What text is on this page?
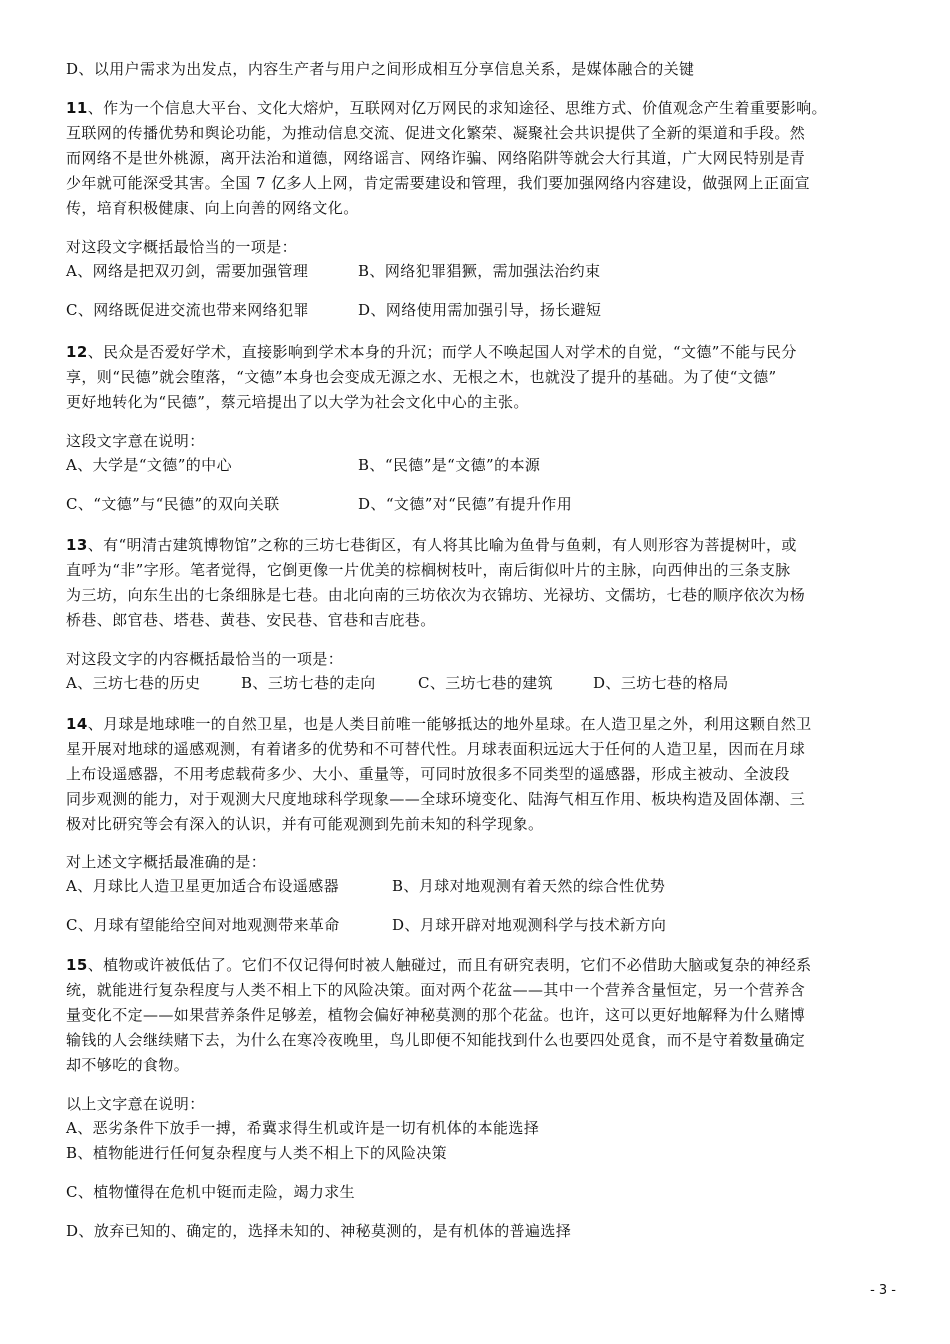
D、以用户需求为出发点，内容生产者与用户之间形成相互分享信息关系，是媒体融合的关键
11、作为一个信息大平台、文化大熔炉，互联网对亿万网民的求知途径、思维方式、价值观念产生着重要影响。
互联网的传播优势和舆论功能，为推动信息交流、促进文化繁荣、凝聚社会共识提供了全新的渠道和手段。然
而网络不是世外桃源，离开法治和道德，网络谣言、网络诈骗、网络陷阱等就会大行其道，广大网民特别是青
少年就可能深受其害。全国 7 亿多人上网，肯定需要建设和管理，我们要加强网络内容建设，做强网上正面宣
传，培育积极健康、向上向善的网络文化。
对这段文字概括最恰当的一项是：
A、网络是把双刃剑，需要加强管理	B、网络犯罪猖獗，需加强法治约束
C、网络既促进交流也带来网络犯罪	D、网络使用需加强引导，扬长避短
12、民众是否爱好学术，直接影响到学术本身的升沉；而学人不唤起国人对学术的自觉，“文德”不能与民分
享，则“民德”就会堕落，“文德”本身也会变成无源之水、无根之木，也就没了提升的基础。为了使“文德”
更好地转化为“民德”，蔡元培提出了以大学为社会文化中心的主张。
这段文字意在说明：
A、大学是“文德”的中心	B、“民德”是“文德”的本源
C、“文德”与“民德”的双向关联	D、“文德”对“民德”有提升作用
13、有“明清古建筑博物馆”之称的三坊七巷街区，有人将其比喻为鱼骨与鱼刺，有人则形容为菩提树叶，或
直呼为“非”字形。笔者觉得，它倒更像一片优美的棕榈树枝叶，南后街似叶片的主脉，向西伸出的三条支脉
为三坊，向东生出的七条细脉是七巷。由北向南的三坊依次为衣锦坊、光禄坊、文儒坊，七巷的顺序依次为杨
桥巷、郎官巷、塔巷、黄巷、安民巷、官巷和吉庇巷。
对这段文字的内容概括最恰当的一项是：
A、三坊七巷的历史	B、三坊七巷的走向	C、三坊七巷的建筑	D、三坊七巷的格局
14、月球是地球唯一的自然卫星，也是人类目前唯一能够抵达的地外星球。在人造卫星之外，利用这颗自然卫
星开展对地球的遥感观测，有着诸多的优势和不可替代性。月球表面积远远大于任何的人造卫星，因而在月球
上布设遥感器，不用考虑载荷多少、大小、重量等，可同时放很多不同类型的遥感器，形成主被动、全波段
同步观测的能力，对于观测大尺度地球科学现象——全球环境变化、陆海气相互作用、板块构造及固体潮、三
极对比研究等会有深入的认识，并有可能观测到先前未知的科学现象。
对上述文字概括最准确的是：
A、月球比人造卫星更加适合布设遥感器	B、月球对地观测有着天然的综合性优势
C、月球有望能给空间对地观测带来革命	D、月球开辟对地观测科学与技术新方向
15、植物或许被低估了。它们不仅记得何时被人触碰过，而且有研究表明，它们不必借助大脑或复杂的神经系
统，就能进行复杂程度与人类不相上下的风险决策。面对两个花盆——其中一个营养含量恒定，另一个营养含
量变化不定——如果营养条件足够差，植物会偏好神秘莫测的那个花盆。也许，这可以更好地解释为什么赌博
输钱的人会继续赌下去，为什么在寒冷夜晚里，鸟儿即便不知能找到什么也要四处觅食，而不是守着数量确定
却不够吃的食物。
以上文字意在说明：
A、恶劣条件下放手一搏，希冀求得生机或许是一切有机体的本能选择
B、植物能进行任何复杂程度与人类不相上下的风险决策
C、植物懂得在危机中铤而走险，竭力求生
D、放弃已知的、确定的，选择未知的、神秘莫测的，是有机体的普遍选择
- 3 -
